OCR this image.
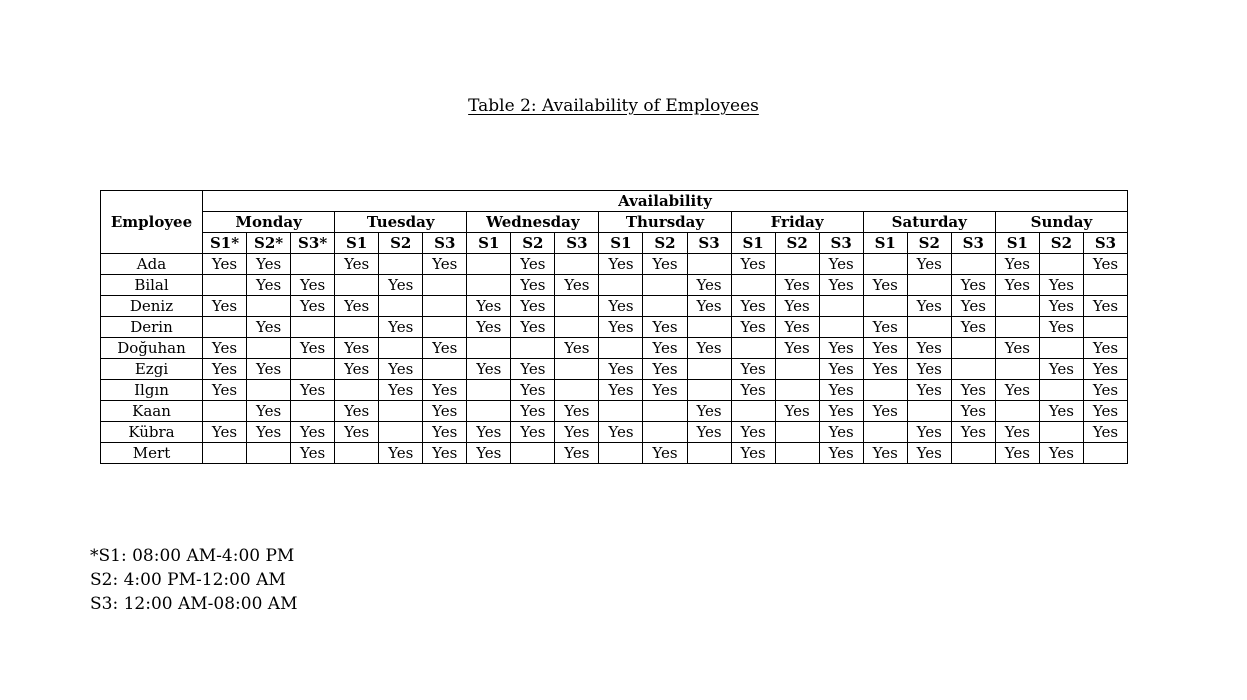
Table 2: Availability of Employees
Employee	Availability																				
	Monday			Tuesday			Wednesday			Thursday			Friday			Saturday			Sunday		
	S1*	S2*	S3*	S1	S2	S3	S1	S2	S3	S1	S2	S3	S1	S2	S3	S1	S2	S3	S1	S2	S3
Ada	Yes	Yes		Yes		Yes		Yes		Yes	Yes		Yes		Yes		Yes		Yes		Yes
Bilal		Yes	Yes		Yes			Yes	Yes			Yes		Yes	Yes	Yes		Yes	Yes	Yes	
Deniz	Yes		Yes	Yes			Yes	Yes		Yes		Yes	Yes	Yes			Yes	Yes		Yes	Yes
Derin		Yes			Yes		Yes	Yes		Yes	Yes		Yes	Yes		Yes		Yes		Yes	
Doğuhan	Yes		Yes	Yes		Yes			Yes		Yes	Yes		Yes	Yes	Yes	Yes		Yes		Yes
Ezgi	Yes	Yes		Yes	Yes		Yes	Yes		Yes	Yes		Yes		Yes	Yes	Yes			Yes	Yes
Ilgın	Yes		Yes		Yes	Yes		Yes		Yes	Yes		Yes		Yes		Yes	Yes	Yes		Yes
Kaan		Yes		Yes		Yes		Yes	Yes			Yes		Yes	Yes	Yes		Yes		Yes	Yes
Kübra	Yes	Yes	Yes	Yes		Yes	Yes	Yes	Yes	Yes		Yes	Yes		Yes		Yes	Yes	Yes		Yes
Mert			Yes		Yes	Yes	Yes		Yes		Yes		Yes		Yes	Yes	Yes		Yes	Yes	
*S1: 08:00 AM-4:00 PM
S2: 4:00 PM-12:00 AM
S3: 12:00 AM-08:00 AM
